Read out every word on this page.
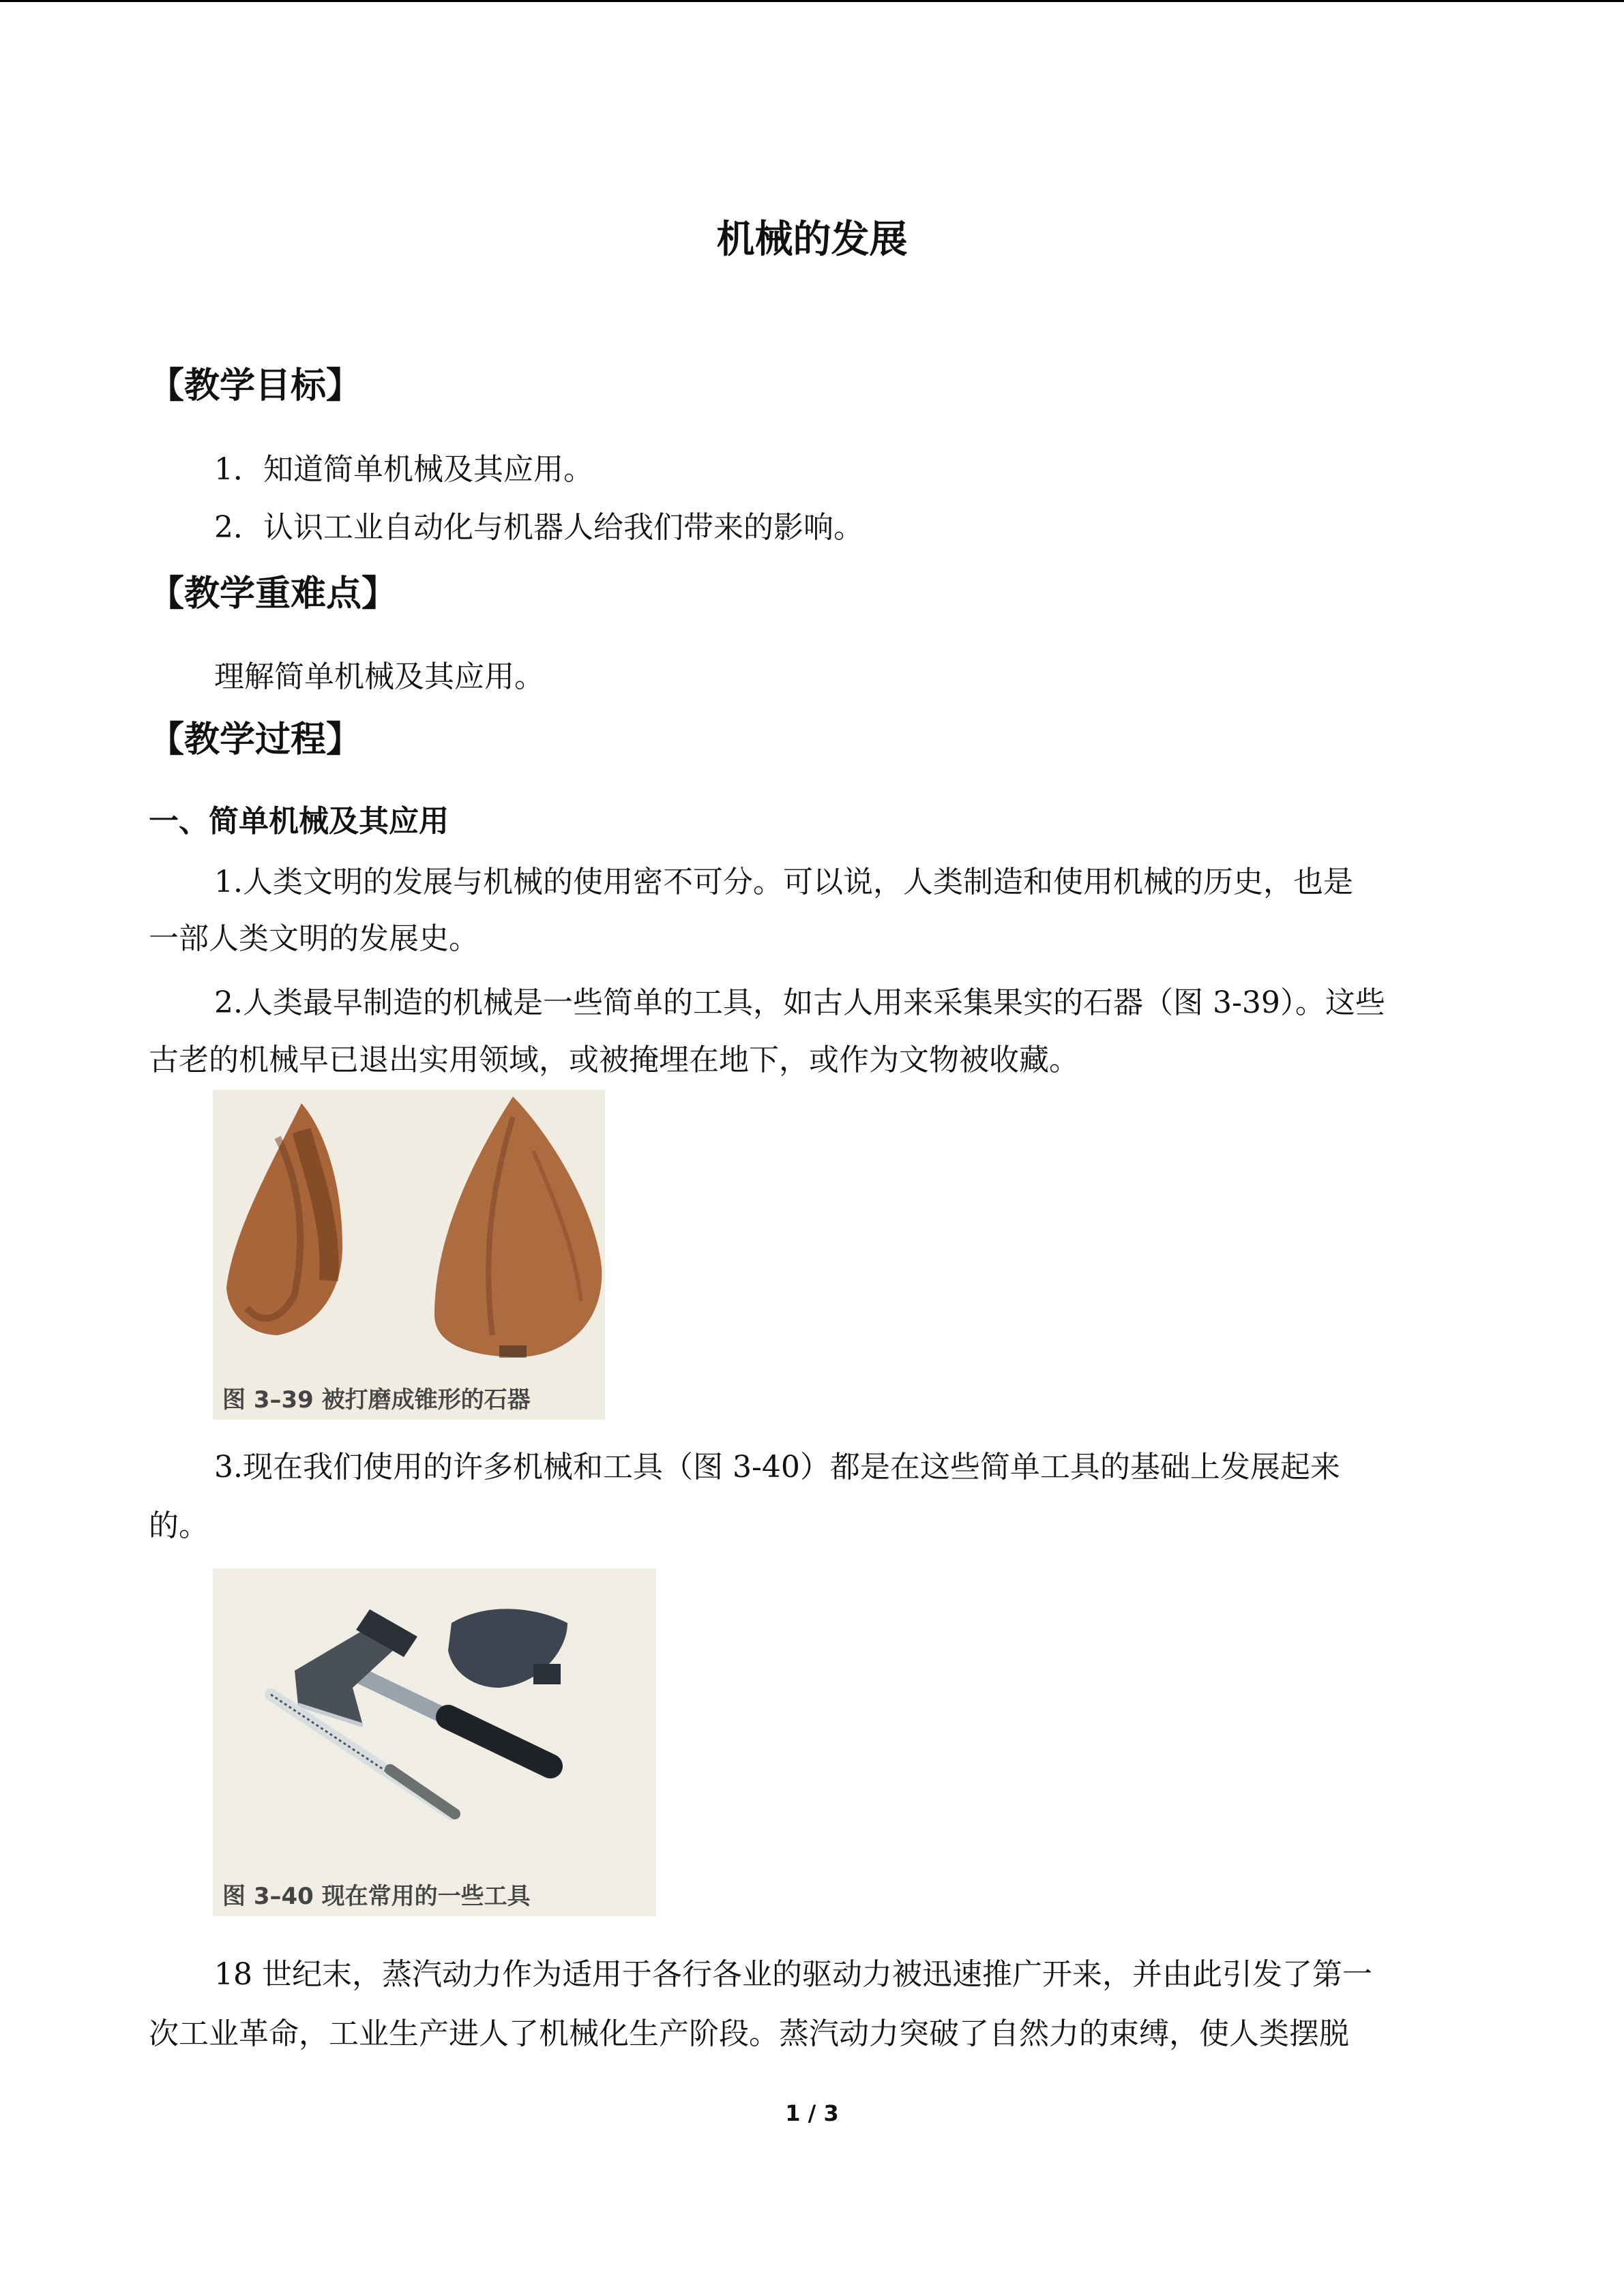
机械的发展
【教学目标】
1．知道简单机械及其应用。
2．认识工业自动化与机器人给我们带来的影响。
【教学重难点】
理解简单机械及其应用。
【教学过程】
一、简单机械及其应用
1.人类文明的发展与机械的使用密不可分。可以说，人类制造和使用机械的历史，也是
一部人类文明的发展史。
2.人类最早制造的机械是一些简单的工具，如古人用来采集果实的石器（图 3-39）。这些
古老的机械早已退出实用领域，或被掩埋在地下，或作为文物被收藏。
图 3–39 被打磨成锥形的石器
3.现在我们使用的许多机械和工具（图 3-40）都是在这些简单工具的基础上发展起来
的。
图 3–40 现在常用的一些工具
18 世纪末，蒸汽动力作为适用于各行各业的驱动力被迅速推广开来，并由此引发了第一
次工业革命，工业生产进人了机械化生产阶段。蒸汽动力突破了自然力的束缚，使人类摆脱
1 / 3
